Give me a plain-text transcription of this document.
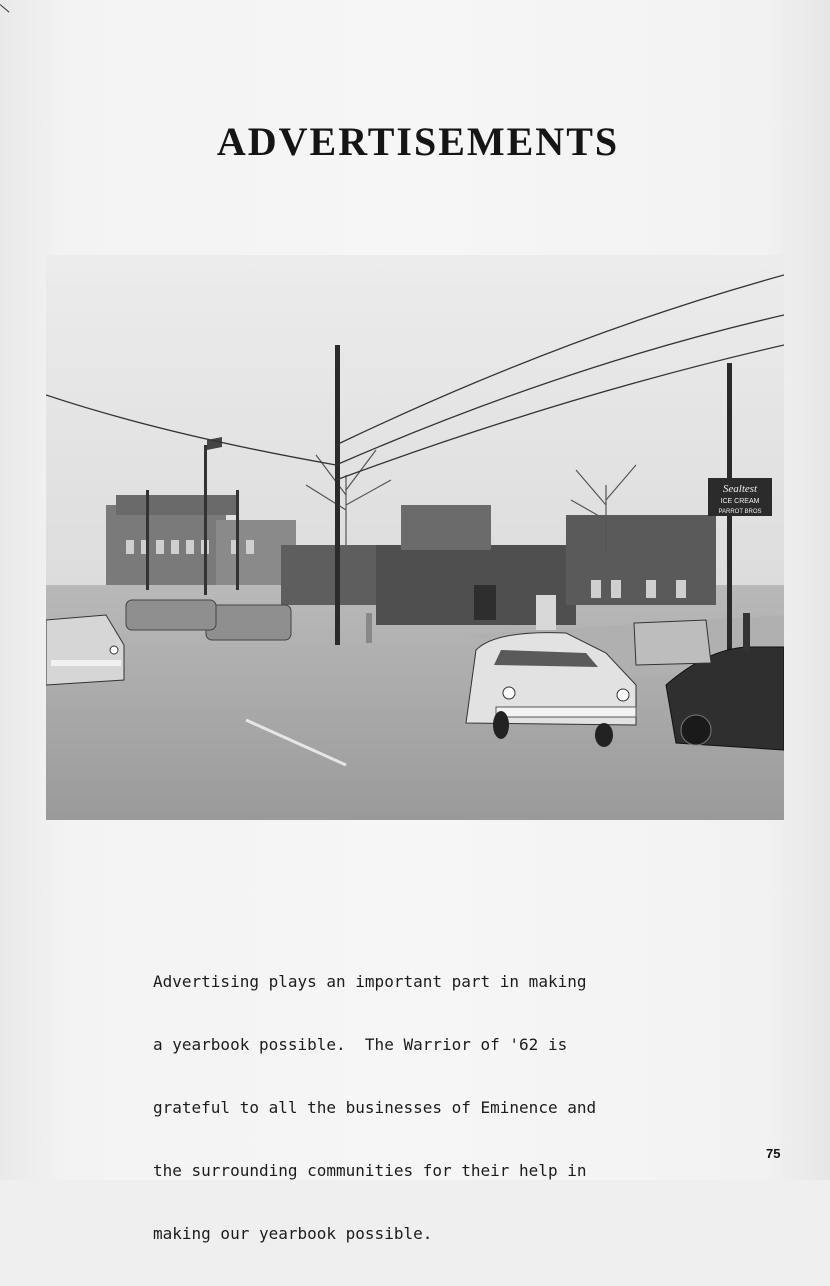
ADVERTISEMENTS
Sealtest
ICE CREAM
PARROT BROS

Advertising plays an important part in making

a yearbook possible.  The Warrior of '62 is

grateful to all the businesses of Eminence and

the surrounding communities for their help in

making our yearbook possible.

75
